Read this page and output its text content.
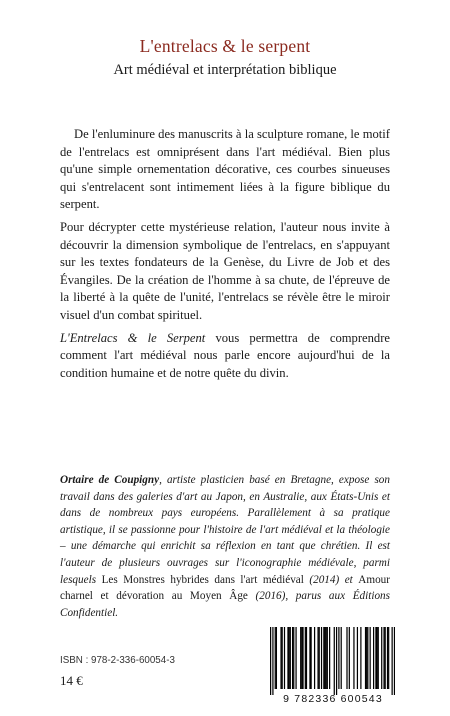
L'entrelacs & le serpent
Art médiéval et interprétation biblique

De l'enluminure des manuscrits à la sculpture romane, le motif de l'entrelacs est omniprésent dans l'art médiéval. Bien plus qu'une simple ornementation décorative, ces courbes sinueuses qui s'entrelacent sont intimement liées à la figure biblique du serpent.

Pour décrypter cette mystérieuse relation, l'auteur nous invite à découvrir la dimension symbolique de l'entrelacs, en s'appuyant sur les textes fondateurs de la Genèse, du Livre de Job et des Évangiles. De la création de l'homme à sa chute, de l'épreuve de la liberté à la quête de l'unité, l'entrelacs se révèle être le miroir visuel d'un combat spirituel.

L'Entrelacs & le Serpent vous permettra de comprendre comment l'art médiéval nous parle encore aujourd'hui de la condition humaine et de notre quête du divin.

Ortaire de Coupigny, artiste plasticien basé en Bretagne, expose son travail dans des galeries d'art au Japon, en Australie, aux États-Unis et dans de nombreux pays européens. Parallèlement à sa pratique artistique, il se passionne pour l'histoire de l'art médiéval et la théologie – une démarche qui enrichit sa réflexion en tant que chrétien. Il est l'auteur de plusieurs ouvrages sur l'iconographie médiévale, parmi lesquels Les Monstres hybrides dans l'art médiéval (2014) et Amour charnel et dévoration au Moyen Âge (2016), parus aux Éditions Confidentiel.
ISBN : 978-2-336-60054-3
14 €
9 782336 600543
